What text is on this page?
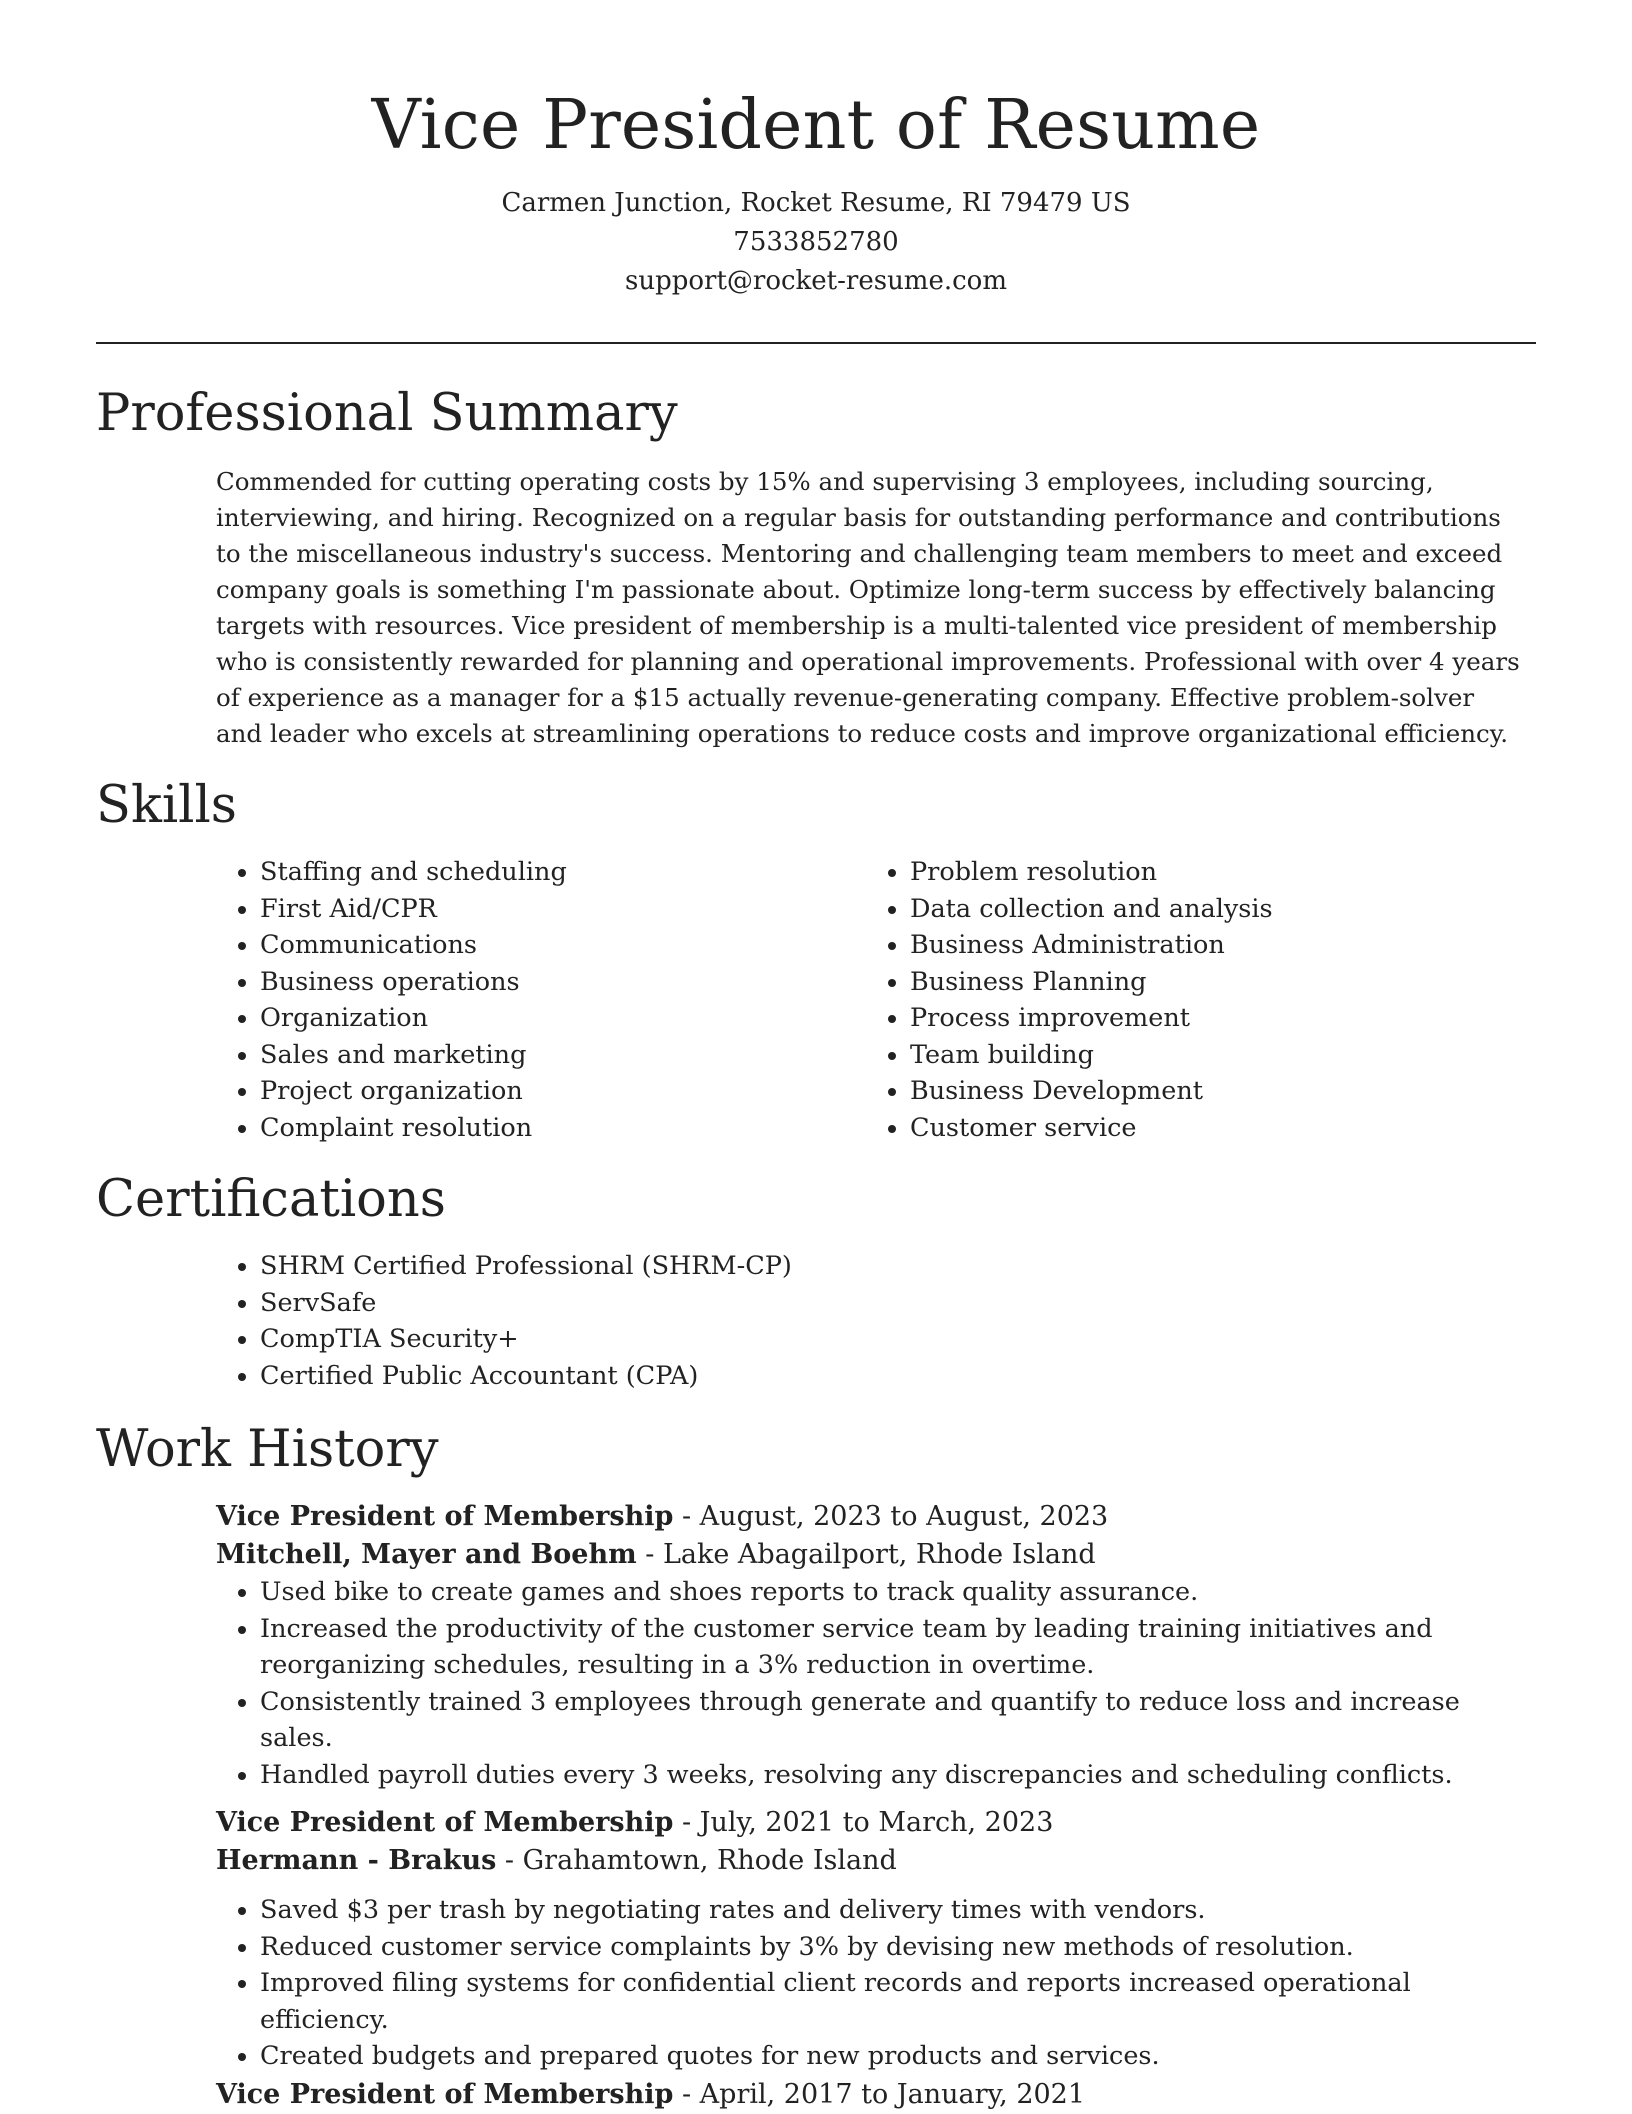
Vice President of Resume
Carmen Junction, Rocket Resume, RI 79479 US
7533852780
support@rocket-resume.com
Professional Summary

Commended for cutting operating costs by 15% and supervising 3 employees, including sourcing, interviewing, and hiring. Recognized on a regular basis for outstanding performance and contributions to the miscellaneous industry's success. Mentoring and challenging team members to meet and exceed company goals is something I'm passionate about. Optimize long-term success by effectively balancing targets with resources. Vice president of membership is a multi-talented vice president of membership who is consistently rewarded for planning and operational improvements. Professional with over 4 years of experience as a manager for a $15 actually revenue-generating company. Effective problem-solver and leader who excels at streamlining operations to reduce costs and improve organizational efficiency.

Skills
• Staffing and scheduling
• First Aid/CPR
• Communications
• Business operations
• Organization
• Sales and marketing
• Project organization
• Complaint resolution
• Problem resolution
• Data collection and analysis
• Business Administration
• Business Planning
• Process improvement
• Team building
• Business Development
• Customer service
Certifications
• SHRM Certified Professional (SHRM-CP)
• ServSafe
• CompTIA Security+
• Certified Public Accountant (CPA)
Work History
Vice President of Membership - August, 2023 to August, 2023
Mitchell, Mayer and Boehm - Lake Abagailport, Rhode Island
• Used bike to create games and shoes reports to track quality assurance.
• Increased the productivity of the customer service team by leading training initiatives and reorganizing schedules, resulting in a 3% reduction in overtime.
• Consistently trained 3 employees through generate and quantify to reduce loss and increase sales.
• Handled payroll duties every 3 weeks, resolving any discrepancies and scheduling conflicts.
Vice President of Membership - July, 2021 to March, 2023
Hermann - Brakus - Grahamtown, Rhode Island
• Saved $3 per trash by negotiating rates and delivery times with vendors.
• Reduced customer service complaints by 3% by devising new methods of resolution.
• Improved filing systems for confidential client records and reports increased operational efficiency.
• Created budgets and prepared quotes for new products and services.
Vice President of Membership - April, 2017 to January, 2021
